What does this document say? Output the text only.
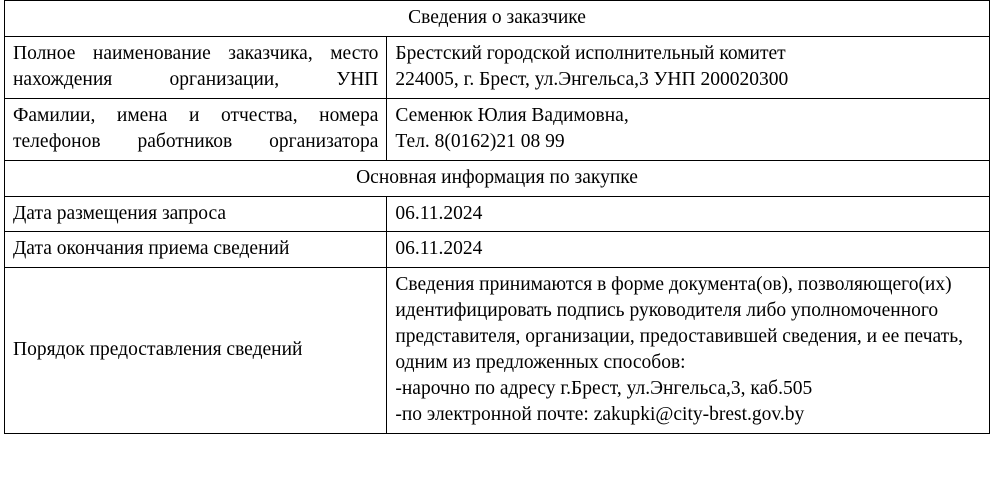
Сведения о заказчике	
Полное наименование заказчика, место нахождения организации, УНП	Брестский городской исполнительный комитет

224005, г. Брест, ул.Энгельса,3 УНП 200020300

Фамилии, имена и отчества, номера телефонов работников организатора	Семенюк Юлия Вадимовна,

Тел. 8(0162)21 08 99

Основная информация по закупке	
Дата размещения запроса	06.11.2024
Дата окончания приема сведений	06.11.2024
Порядок предоставления сведений	Сведения принимаются в форме документа(ов), позволяющего(их) идентифицировать подпись руководителя либо уполномоченного представителя, организации, предоставившей сведения, и ее печать, одним из предложенных способов:

-нарочно по адресу г.Брест, ул.Энгельса,3, каб.505

-по электронной почте: zakupki@city-brest.gov.by
